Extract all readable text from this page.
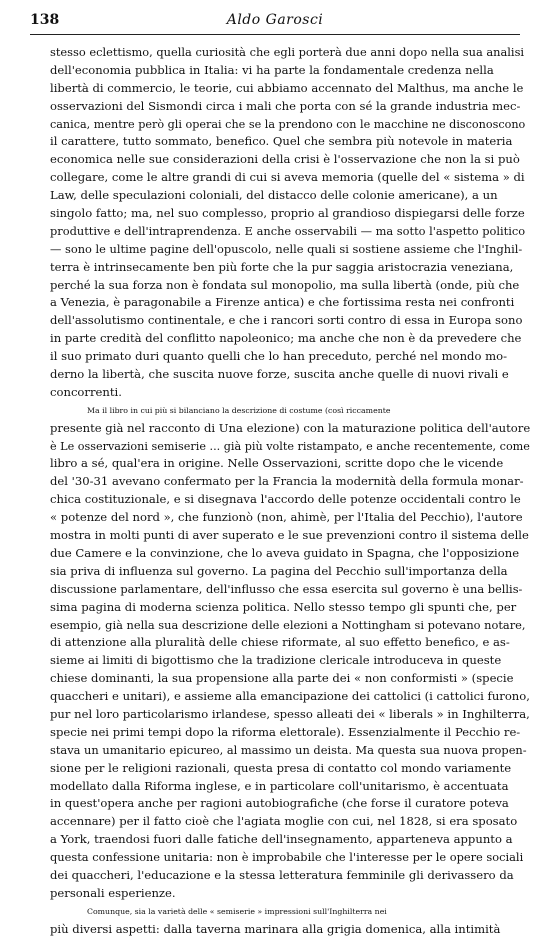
138	Aldo Garosci
stesso eclettismo, quella curiosità che egli porterà due anni dopo nella sua analisi
dell'economia pubblica in Italia: vi ha parte la fondamentale credenza nella
libertà di commercio, le teorie, cui abbiamo accennato del Malthus, ma anche le
osservazioni del Sismondi circa i mali che porta con sé la grande industria mec-
canica, mentre però gli operai che se la prendono con le macchine ne disconoscono
il carattere, tutto sommato, benefico. Quel che sembra più notevole in materia
economica nelle sue considerazioni della crisi è l'osservazione che non la si può
collegare, come le altre grandi di cui si aveva memoria (quelle del « sistema » di
Law, delle speculazioni coloniali, del distacco delle colonie americane), a un
singolo fatto; ma, nel suo complesso, proprio al grandioso dispiegarsi delle forze
produttive e dell'intraprendenza. E anche osservabili — ma sotto l'aspetto politico
— sono le ultime pagine dell'opuscolo, nelle quali si sostiene assieme che l'Inghil-
terra è intrinsecamente ben più forte che la pur saggia aristocrazia veneziana,
perché la sua forza non è fondata sul monopolio, ma sulla libertà (onde, più che
a Venezia, è paragonabile a Firenze antica) e che fortissima resta nei confronti
dell'assolutismo continentale, e che i rancori sorti contro di essa in Europa sono
in parte credità del conflitto napoleonico; ma anche che non è da prevedere che
il suo primato duri quanto quelli che lo han preceduto, perché nel mondo mo-
derno la libertà, che suscita nuove forze, suscita anche quelle di nuovi rivali e
concorrenti.
Ma il libro in cui più si bilanciano la descrizione di costume (così riccamente
presente già nel racconto di Una elezione) con la maturazione politica dell'autore
è Le osservazioni semiserie ... già più volte ristampato, e anche recentemente, come
libro a sé, qual'era in origine. Nelle Osservazioni, scritte dopo che le vicende
del '30-31 avevano confermato per la Francia la modernità della formula monar-
chica costituzionale, e si disegnava l'accordo delle potenze occidentali contro le
« potenze del nord », che funzionò (non, ahimè, per l'Italia del Pecchio), l'autore
mostra in molti punti di aver superato e le sue prevenzioni contro il sistema delle
due Camere e la convinzione, che lo aveva guidato in Spagna, che l'opposizione
sia priva di influenza sul governo. La pagina del Pecchio sull'importanza della
discussione parlamentare, dell'influsso che essa esercita sul governo è una bellis-
sima pagina di moderna scienza politica. Nello stesso tempo gli spunti che, per
esempio, già nella sua descrizione delle elezioni a Nottingham si potevano notare,
di attenzione alla pluralità delle chiese riformate, al suo effetto benefico, e as-
sieme ai limiti di bigottismo che la tradizione clericale introduceva in queste
chiese dominanti, la sua propensione alla parte dei « non conformisti » (specie
quaccheri e unitari), e assieme alla emancipazione dei cattolici (i cattolici furono,
pur nel loro particolarismo irlandese, spesso alleati dei « liberals » in Inghilterra,
specie nei primi tempi dopo la riforma elettorale). Essenzialmente il Pecchio re-
stava un umanitario epicureo, al massimo un deista. Ma questa sua nuova propen-
sione per le religioni razionali, questa presa di contatto col mondo variamente
modellato dalla Riforma inglese, e in particolare coll'unitarismo, è accentuata
in quest'opera anche per ragioni autobiografiche (che forse il curatore poteva
accennare) per il fatto cioè che l'agiata moglie con cui, nel 1828, si era sposato
a York, traendosi fuori dalle fatiche dell'insegnamento, apparteneva appunto a
questa confessione unitaria: non è improbabile che l'interesse per le opere sociali
dei quaccheri, l'educazione e la stessa letteratura femminile gli derivassero da
personali esperienze.
Comunque, sia la varietà delle « semiserie » impressioni sull'Inghilterra nei
più diversi aspetti: dalla taverna marinara alla grigia domenica, alla intimità
